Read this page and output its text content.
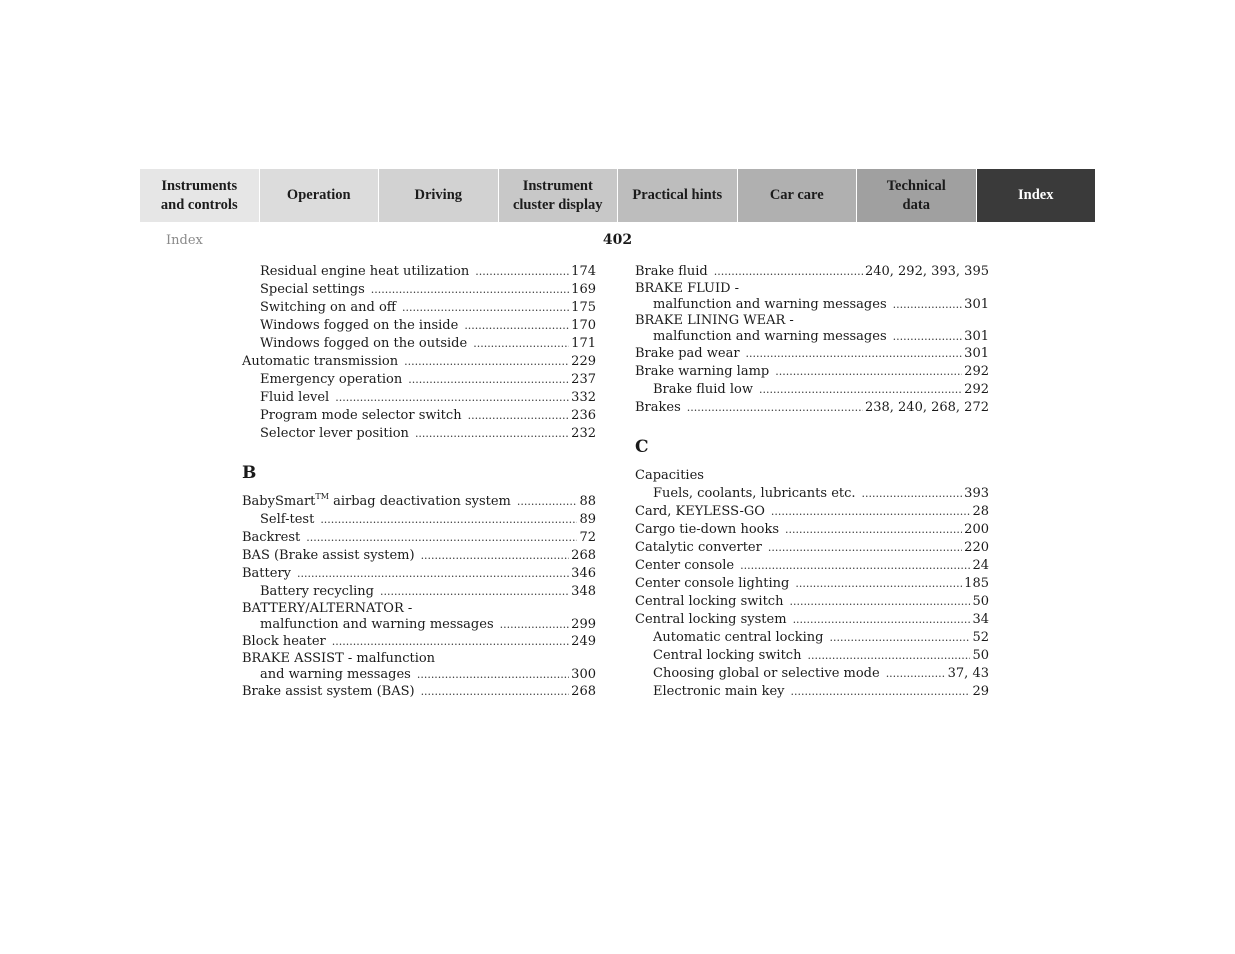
Instruments
and controls
Operation	Driving
Instrument
cluster display
Practical hints	Car care
Technical
data
Index
Index	402
Residual engine heat utilization .....	174
Special settings .....	169
Switching on and off .....	175
Windows fogged on the inside .....	170
Windows fogged on the outside .....	171
Automatic transmission .....	229
Emergency operation .....	237
Fluid level .....	332
Program mode selector switch .....	236
Selector lever position .....	232
B
BabySmart™ airbag deactivation system .....	88
Self-test .....	89
Backrest .....	72
BAS (Brake assist system) .....	268
Battery .....	346
Battery recycling .....	348
BATTERY/ALTERNATOR -
malfunction and warning messages .....	299
Block heater .....	249
BRAKE ASSIST - malfunction
and warning messages .....	300
Brake assist system (BAS) .....	268
Brake fluid .....	240, 292, 393, 395
BRAKE FLUID -
malfunction and warning messages .....	301
BRAKE LINING WEAR -
malfunction and warning messages .....	301
Brake pad wear .....	301
Brake warning lamp .....	292
Brake fluid low .....	292
Brakes .....	238, 240, 268, 272
C
Capacities
Fuels, coolants, lubricants etc. .....	393
Card, KEYLESS-GO .....	28
Cargo tie-down hooks .....	200
Catalytic converter .....	220
Center console .....	24
Center console lighting .....	185
Central locking switch .....	50
Central locking system .....	34
Automatic central locking .....	52
Central locking switch .....	50
Choosing global or selective mode .....	37, 43
Electronic main key .....	29
